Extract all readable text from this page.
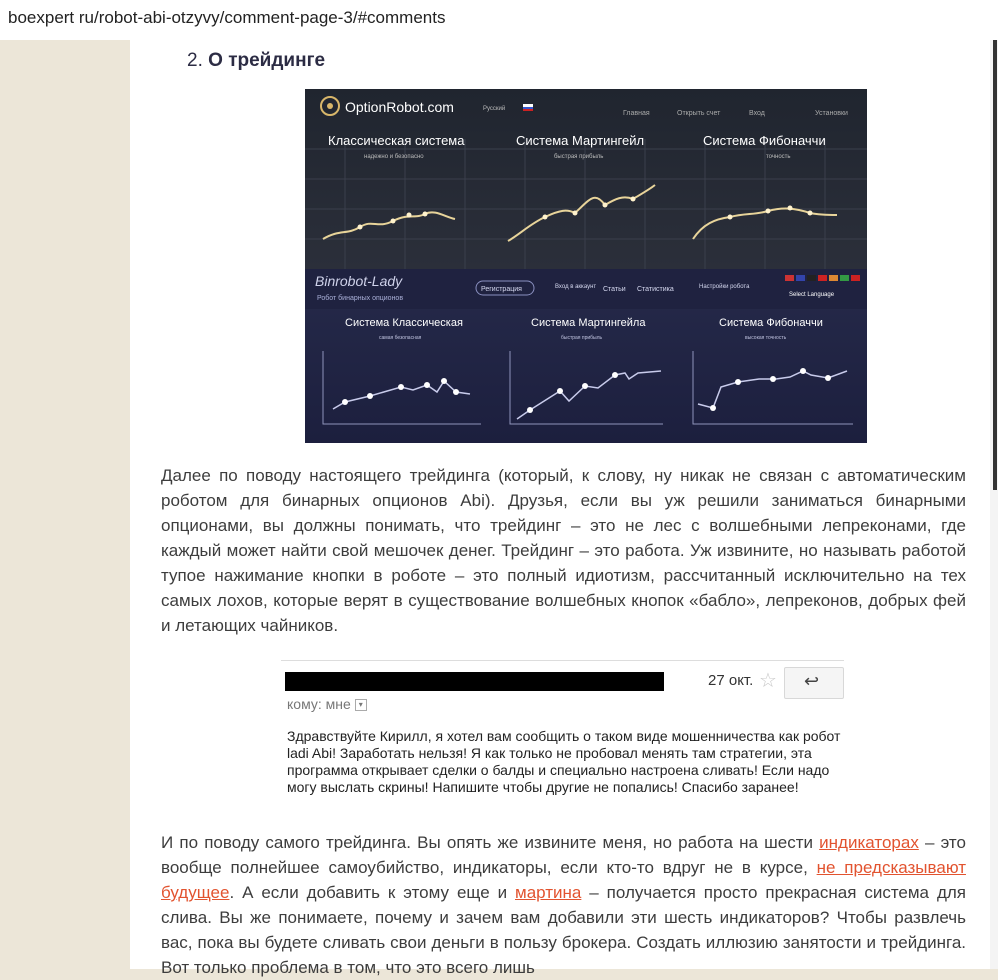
boexpert ru/robot-abi-otzyvy/comment-page-3/#comments
2. О трейдинге
OptionRobot.com	Русский
Главная	Открыть счет	Вход	Установки
Классическая система
надежно и безопасно
Система Мартингейл
быстрая прибыль
Система Фибоначчи
точность
Binrobot-Lady
Робот бинарных опционов
Регистрация	Вход в аккаунт Статьи Статистика	Настройки робота
Select Language
Система Классическая
самая безопасная
Система Мартингейла
быстрая прибыль
Система Фибоначчи
высокая точность
Далее по поводу настоящего трейдинга (который, к слову, ну никак не связан с автоматическим роботом для бинарных опционов Abi). Друзья, если вы уж решили заниматься бинарными опционами, вы должны понимать, что трейдинг – это не лес с волшебными лепреконами, где каждый может найти свой мешочек денег. Трейдинг – это работа. Уж извините, но называть работой тупое нажимание кнопки в роботе – это полный идиотизм, рассчитанный исключительно на тех самых лохов, которые верят в существование волшебных кнопок «бабло», лепреконов, добрых фей и летающих чайников.
27 окт. ☆ ↩
кому: мне ▾
Здравствуйте Кирилл, я хотел вам сообщить о таком виде мошенничества как робот ladi Abi! Заработать нельзя! Я как только не пробовал менять там стратегии, эта программа открывает сделки о балды и специально настроена сливать! Если надо могу выслать скрины! Напишите чтобы другие не попались! Спасибо заранее!
И по поводу самого трейдинга. Вы опять же извините меня, но работа на шести индикаторах – это вообще полнейшее самоубийство, индикаторы, если кто-то вдруг не в курсе, не предсказывают будущее. А если добавить к этому еще и мартина – получается просто прекрасная система для слива. Вы же понимаете, почему и зачем вам добавили эти шесть индикаторов? Чтобы развлечь вас, пока вы будете сливать свои деньги в пользу брокера. Создать иллюзию занятости и трейдинга. Вот только проблема в том, что это всего лишь
